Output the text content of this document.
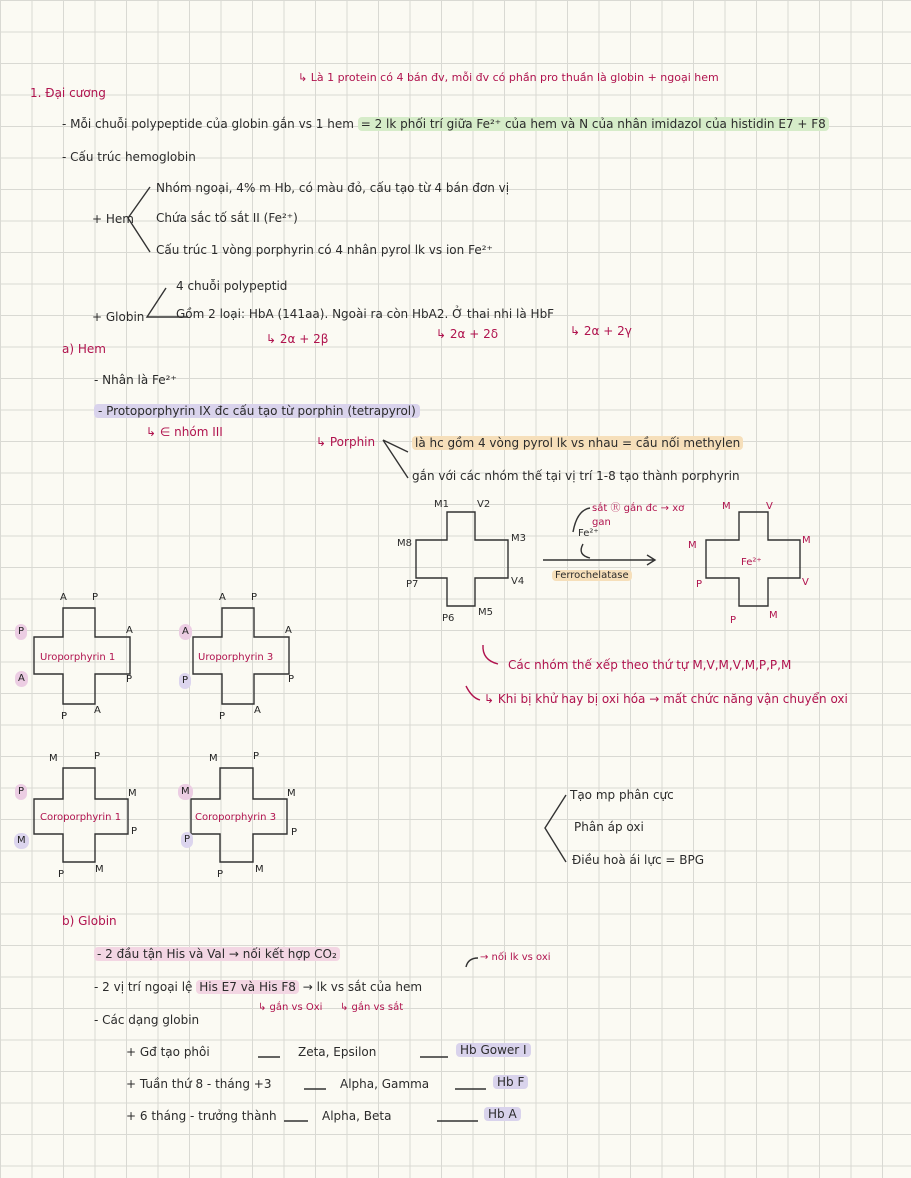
↳ Là 1 protein có 4 bán đv, mỗi đv có phần pro thuần là globin + ngoại hem
1. Đại cương
- Mỗi chuỗi polypeptide của globin gắn vs 1 hem = 2 lk phối trí giữa Fe²⁺ của hem và N của nhân imidazol của histidin E7 + F8
- Cấu trúc hemoglobin
+ Hem
Nhóm ngoại, 4% m Hb, có màu đỏ, cấu tạo từ 4 bán đơn vị
Chứa sắc tố sắt II (Fe²⁺)
Cấu trúc 1 vòng porphyrin có 4 nhân pyrol lk vs ion Fe²⁺
+ Globin
4 chuỗi polypeptid
Gồm 2 loại: HbA (141aa). Ngoài ra còn HbA2. Ở thai nhi là HbF
↳ 2α + 2β	↳ 2α + 2δ	↳ 2α + 2γ
a) Hem
- Nhân là Fe²⁺
- Protoporphyrin IX đc cấu tạo từ porphin (tetrapyrol)
↳ ∈ nhóm III
↳ Porphin	là hc gồm 4 vòng pyrol lk vs nhau = cầu nối methylen
gắn với các nhóm thế tại vị trí 1-8 tạo thành porphyrin
M1	V2
M3
V4
M5
P6
P7
M8
sắt Ⓡ gắn đc → xơ gan
Fe²⁺
Ferrochelatase
M	V
M
V
M
P
P
M
Fe²⁺
Các nhóm thế xếp theo thứ tự M,V,M,V,M,P,P,M
↳ Khi bị khử hay bị oxi hóa → mất chức năng vận chuyển oxi
Uroporphyrin 1
A	P
A
P
A
P
A
P
Uroporphyrin 3
A	P
A
P
A
P
P
A
Coroporphyrin 1
M	P
M
P
M
P
M
P
Coroporphyrin 3
M	P
M
P
M
P
P
M	Tạo mp phân cực
Phân áp oxi
Điều hoà ái lực = BPG
b) Globin
- 2 đầu tận His và Val → nối kết hợp CO₂	→ nối lk vs oxi
- 2 vị trí ngoại lệ His E7 và His F8 → lk vs sắt của hem
↳ gắn vs Oxi ↳ gắn vs sắt
- Các dạng globin
+ Gđ tạo phôi	Zeta, Epsilon	Hb Gower I
+ Tuần thứ 8 - tháng +3	Alpha, Gamma	Hb F
+ 6 tháng - trưởng thành	Alpha, Beta	Hb A
